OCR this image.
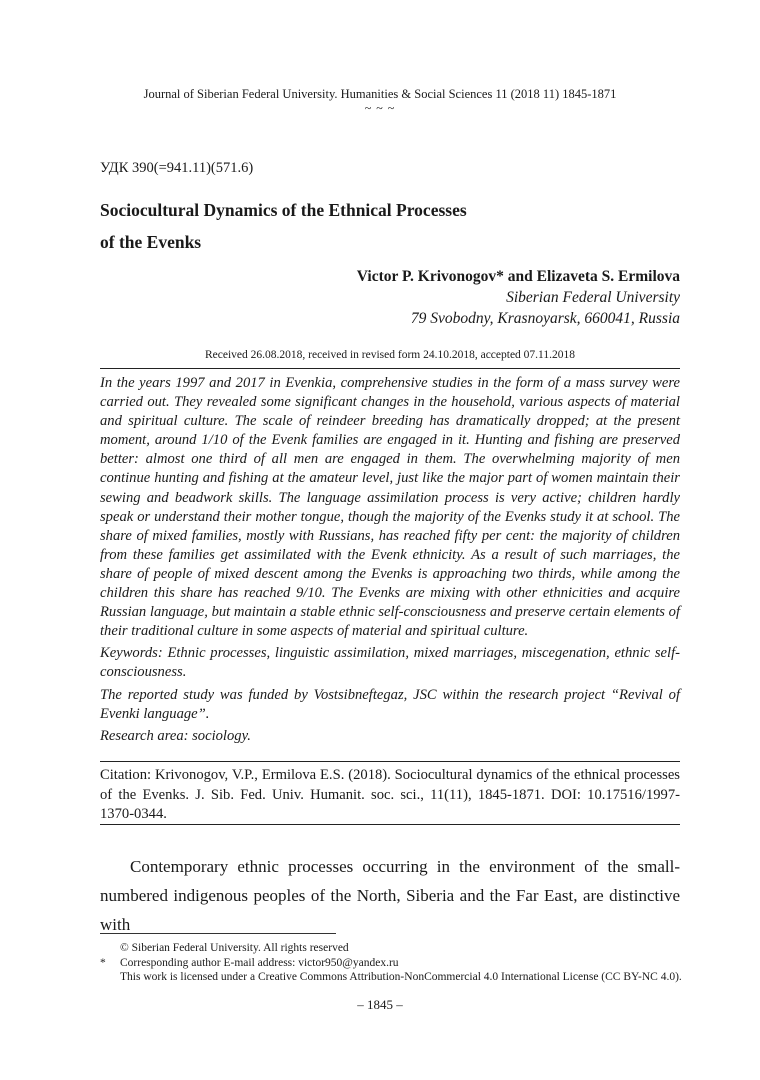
Journal of Siberian Federal University. Humanities & Social Sciences 11 (2018 11) 1845-1871
~ ~ ~
УДК 390(=941.11)(571.6)
Sociocultural Dynamics of the Ethnical Processes
of the Evenks
Victor P. Krivonogov* and Elizaveta S. Ermilova
Siberian Federal University
79 Svobodny, Krasnoyarsk, 660041, Russia
Received 26.08.2018, received in revised form 24.10.2018, accepted 07.11.2018

In the years 1997 and 2017 in Evenkia, comprehensive studies in the form of a mass survey were carried out. They revealed some significant changes in the household, various aspects of material and spiritual culture. The scale of reindeer breeding has dramatically dropped; at the present moment, around 1/10 of the Evenk families are engaged in it. Hunting and fishing are preserved better: almost one third of all men are engaged in them. The overwhelming majority of men continue hunting and fishing at the amateur level, just like the major part of women maintain their sewing and beadwork skills. The language assimilation process is very active; children hardly speak or understand their mother tongue, though the majority of the Evenks study it at school. The share of mixed families, mostly with Russians, has reached fifty per cent: the majority of children from these families get assimilated with the Evenk ethnicity. As a result of such marriages, the share of people of mixed descent among the Evenks is approaching two thirds, while among the children this share has reached 9/10. The Evenks are mixing with other ethnicities and acquire Russian language, but maintain a stable ethnic self-consciousness and preserve certain elements of their traditional culture in some aspects of material and spiritual culture.

Keywords: Ethnic processes, linguistic assimilation, mixed marriages, miscegenation, ethnic self-consciousness.

The reported study was funded by Vostsibneftegaz, JSC within the research project “Revival of Evenki language”.

Research area: sociology.

Citation: Krivonogov, V.P., Ermilova E.S. (2018). Sociocultural dynamics of the ethnical processes of the Evenks. J. Sib. Fed. Univ. Humanit. soc. sci., 11(11), 1845-1871. DOI: 10.17516/1997-1370-0344.

Contemporary ethnic processes occurring in the environment of the small-numbered indigenous peoples of the North, Siberia and the Far East, are distinctive with

© Siberian Federal University. All rights reserved
*	Corresponding author E-mail address: victor950@yandex.ru
This work is licensed under a Creative Commons Attribution-NonCommercial 4.0 International License (CC BY-NC 4.0).
– 1845 –
